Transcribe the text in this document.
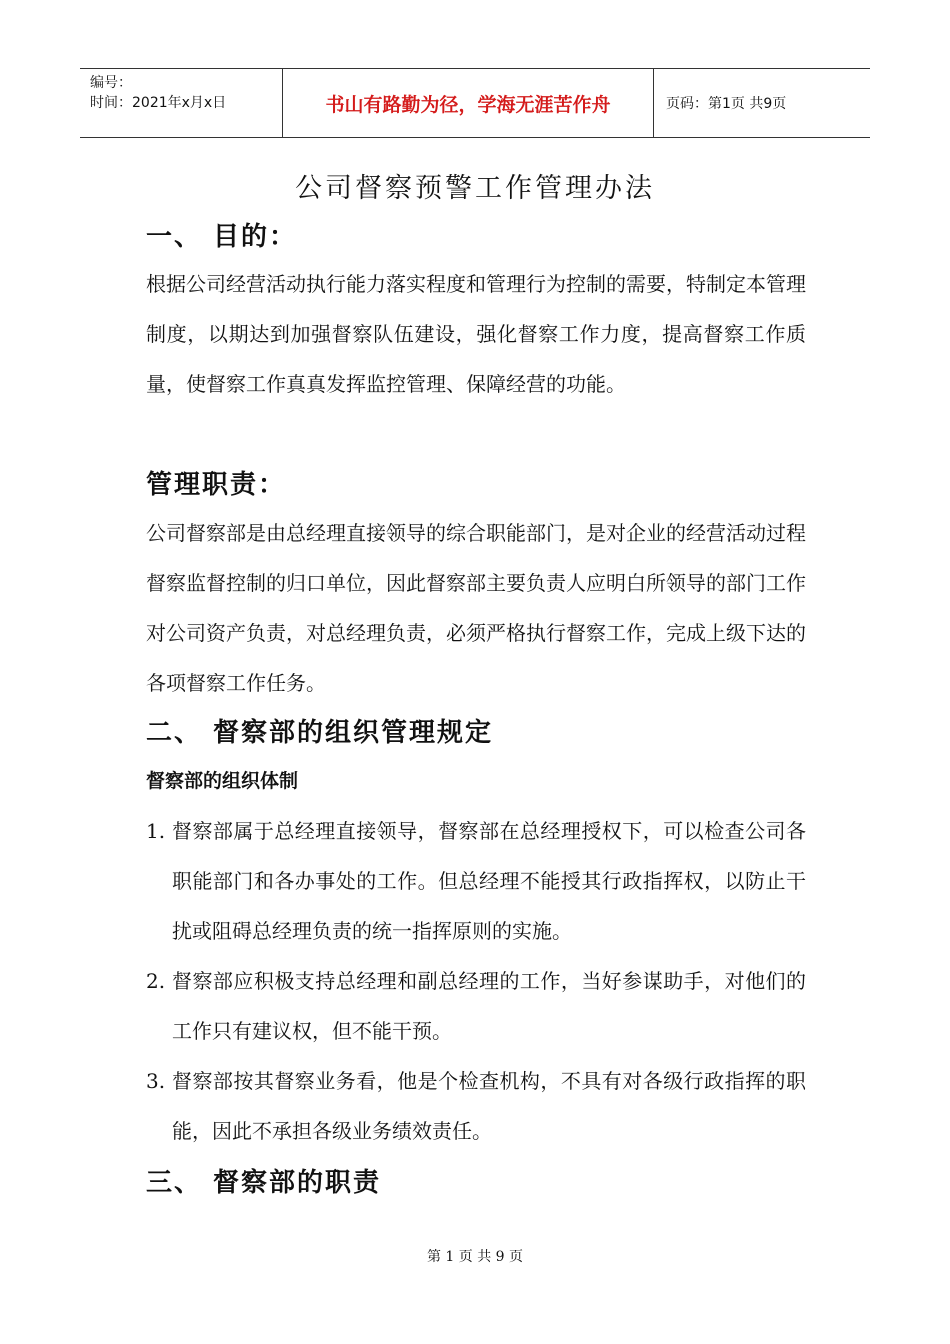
编号：
时间：2021年x月x日	书山有路勤为径，学海无涯苦作舟	页码：第1页 共9页
公司督察预警工作管理办法
一、 目的：
根据公司经营活动执行能力落实程度和管理行为控制的需要，特制定本管理制度，以期达到加强督察队伍建设，强化督察工作力度，提高督察工作质量，使督察工作真真发挥监控管理、保障经营的功能。
管理职责：
公司督察部是由总经理直接领导的综合职能部门，是对企业的经营活动过程督察监督控制的归口单位，因此督察部主要负责人应明白所领导的部门工作对公司资产负责，对总经理负责，必须严格执行督察工作，完成上级下达的各项督察工作任务。
二、 督察部的组织管理规定
督察部的组织体制
1. 督察部属于总经理直接领导，督察部在总经理授权下，可以检查公司各职能部门和各办事处的工作。但总经理不能授其行政指挥权，以防止干扰或阻碍总经理负责的统一指挥原则的实施。
2. 督察部应积极支持总经理和副总经理的工作，当好参谋助手，对他们的工作只有建议权，但不能干预。
3. 督察部按其督察业务看，他是个检查机构，不具有对各级行政指挥的职能，因此不承担各级业务绩效责任。
三、 督察部的职责
第 1 页 共 9 页
